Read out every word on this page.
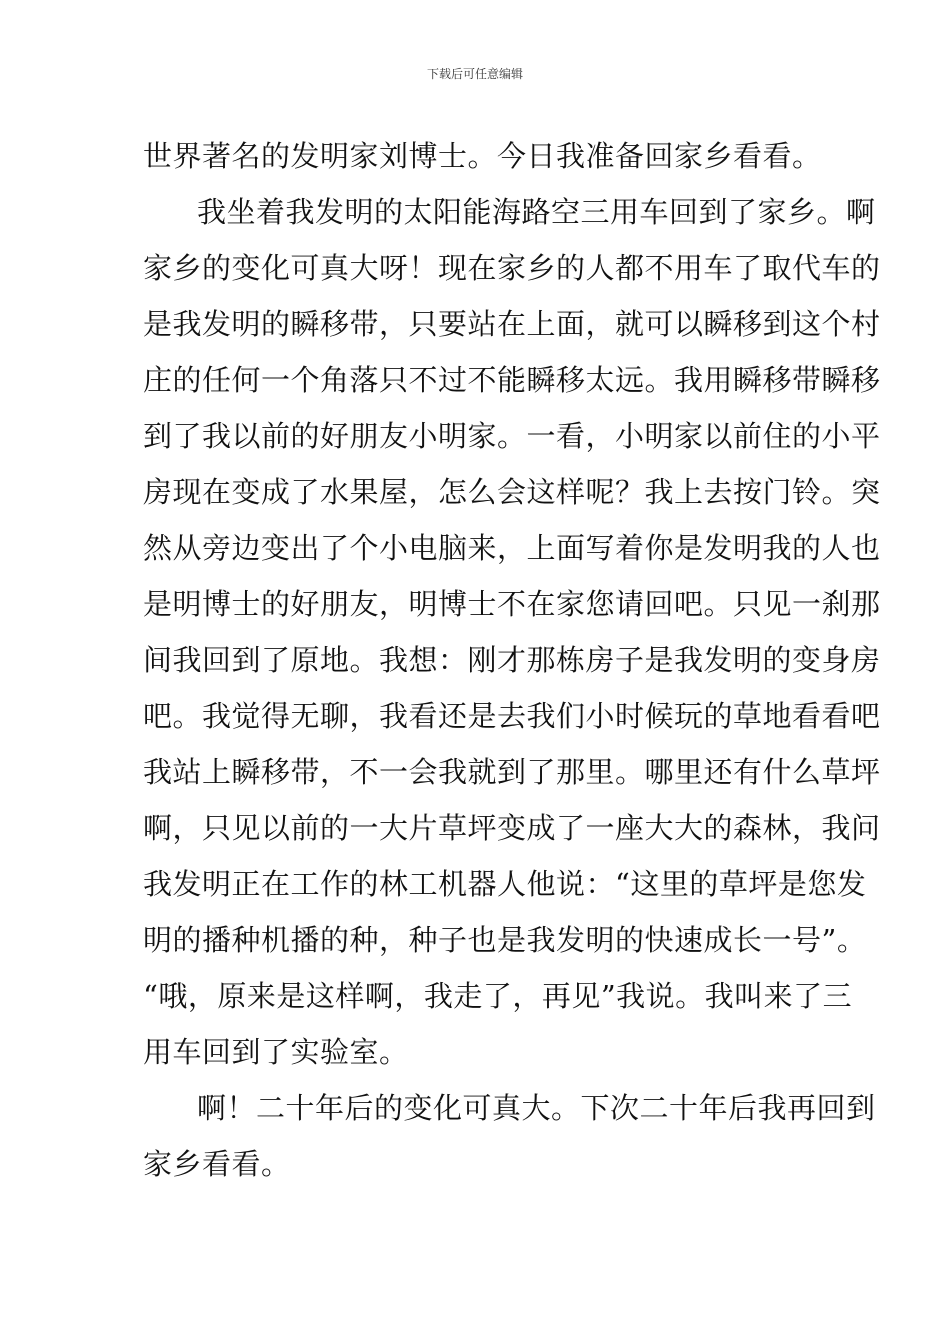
下载后可任意编辑
世界著名的发明家刘博士。今日我准备回家乡看看。
我坐着我发明的太阳能海路空三用车回到了家乡。啊
家乡的变化可真大呀！现在家乡的人都不用车了取代车的
是我发明的瞬移带，只要站在上面，就可以瞬移到这个村
庄的任何一个角落只不过不能瞬移太远。我用瞬移带瞬移
到了我以前的好朋友小明家。一看，小明家以前住的小平
房现在变成了水果屋，怎么会这样呢？我上去按门铃。突
然从旁边变出了个小电脑来，上面写着你是发明我的人也
是明博士的好朋友，明博士不在家您请回吧。只见一刹那
间我回到了原地。我想：刚才那栋房子是我发明的变身房
吧。我觉得无聊，我看还是去我们小时候玩的草地看看吧
我站上瞬移带，不一会我就到了那里。哪里还有什么草坪
啊，只见以前的一大片草坪变成了一座大大的森林，我问
我发明正在工作的林工机器人他说：“这里的草坪是您发
明的播种机播的种，种子也是我发明的快速成长一号”。
“哦，原来是这样啊，我走了，再见”我说。我叫来了三
用车回到了实验室。
啊！二十年后的变化可真大。下次二十年后我再回到
家乡看看。
